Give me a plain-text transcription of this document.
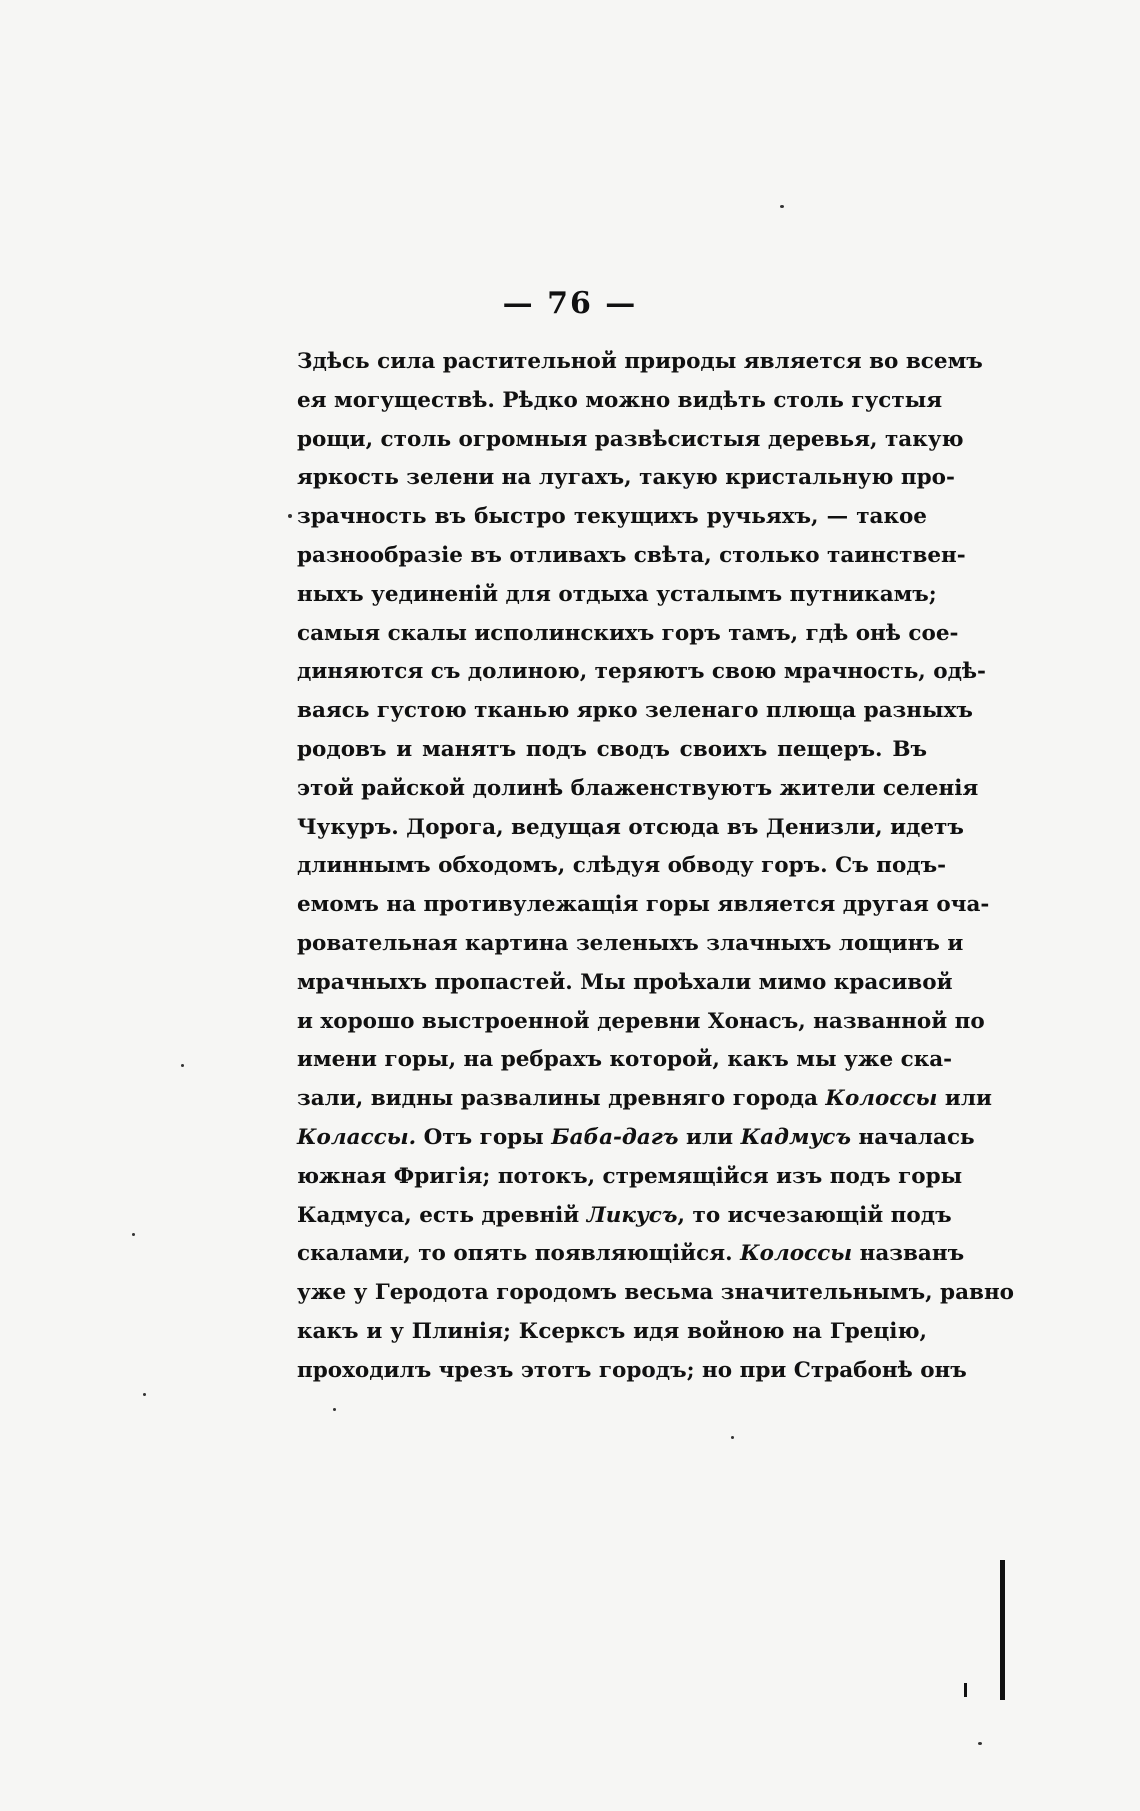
— 76 —
Здѣсь сила растительной природы является во всемъ
ея могуществѣ. Рѣдко можно видѣть столь густыя
рощи, столь огромныя развѣсистыя деревья, такую
яркость зелени на лугахъ, такую кристальную про-
зрачность въ быстро текущихъ ручьяхъ, — такое
разнообразіе въ отливахъ свѣта, столько таинствен-
ныхъ уединеній для отдыха усталымъ путникамъ;
самыя скалы исполинскихъ горъ тамъ, гдѣ онѣ сое-
диняются съ долиною, теряютъ свою мрачность, одѣ-
ваясь густою тканью ярко зеленаго плюща разныхъ
родовъ и манятъ подъ сводъ своихъ пещеръ. Въ
этой райской долинѣ блаженствуютъ жители селенія
Чукуръ. Дорога, ведущая отсюда въ Денизли, идетъ
длиннымъ обходомъ, слѣдуя обводу горъ. Съ подъ-
емомъ на противулежащія горы является другая оча-
ровательная картина зеленыхъ злачныхъ лощинъ и
мрачныхъ пропастей. Мы проѣхали мимо красивой
и хорошо выстроенной деревни Хонасъ, названной по
имени горы, на ребрахъ которой, какъ мы уже ска-
зали, видны развалины древняго города Колоссы или
Колассы. Отъ горы Баба-дагъ или Кадмусъ началась
южная Фригія; потокъ, стремящійся изъ подъ горы
Кадмуса, есть древній Ликусъ, то исчезающій подъ
скалами, то опять появляющійся. Колоссы названъ
уже у Геродота городомъ весьма значительнымъ, равно
какъ и у Плинія; Ксерксъ идя войною на Грецію,
проходилъ чрезъ этотъ городъ; но при Страбонѣ онъ
